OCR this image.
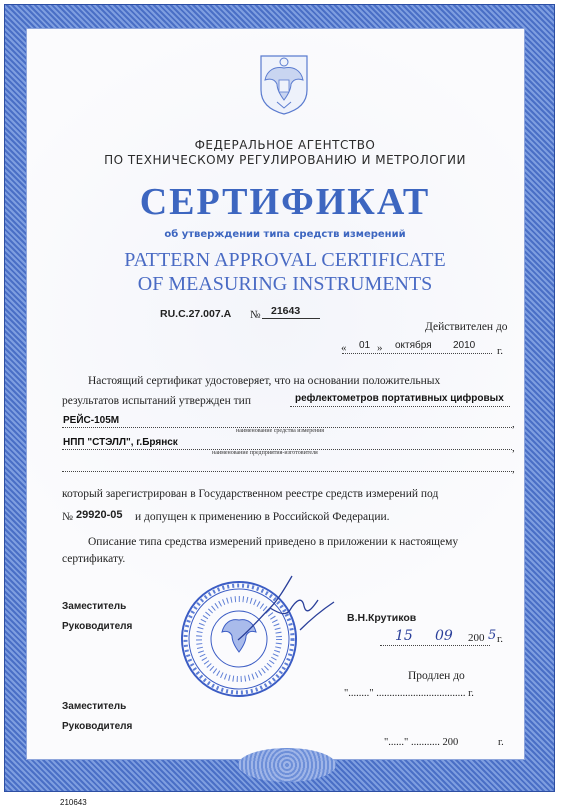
ФЕДЕРАЛЬНОЕ АГЕНТСТВО
ПО ТЕХНИЧЕСКОМУ РЕГУЛИРОВАНИЮ И МЕТРОЛОГИИ
СЕРТИФИКАТ
об утверждении типа средств измерений
PATTERN APPROVAL CERTIFICATE
OF MEASURING INSTRUMENTS
RU.C.27.007.A № 21643
Действителен до
« 01 » октября 2010 г.
Настоящий сертификат удостоверяет, что на основании положительных
результатов испытаний утвержден тип	рефлектометров портативных цифровых
РЕЙС-105М	,
наименование средства измерения
НПП "СТЭЛЛ", г.Брянск	,
наименование предприятия-изготовителя
,
который зарегистрирован в Государственном реестре средств измерений под
№ 29920-05 и допущен к применению в Российской Федерации.
Описание типа средства измерений приведено в приложении к настоящему
сертификату.
Заместитель
Руководителя
В.Н.Крутиков
15 09 200 5 г.
Продлен до
"........" .................................. г.
Заместитель
Руководителя
"......" ........... 200	г.
210643
